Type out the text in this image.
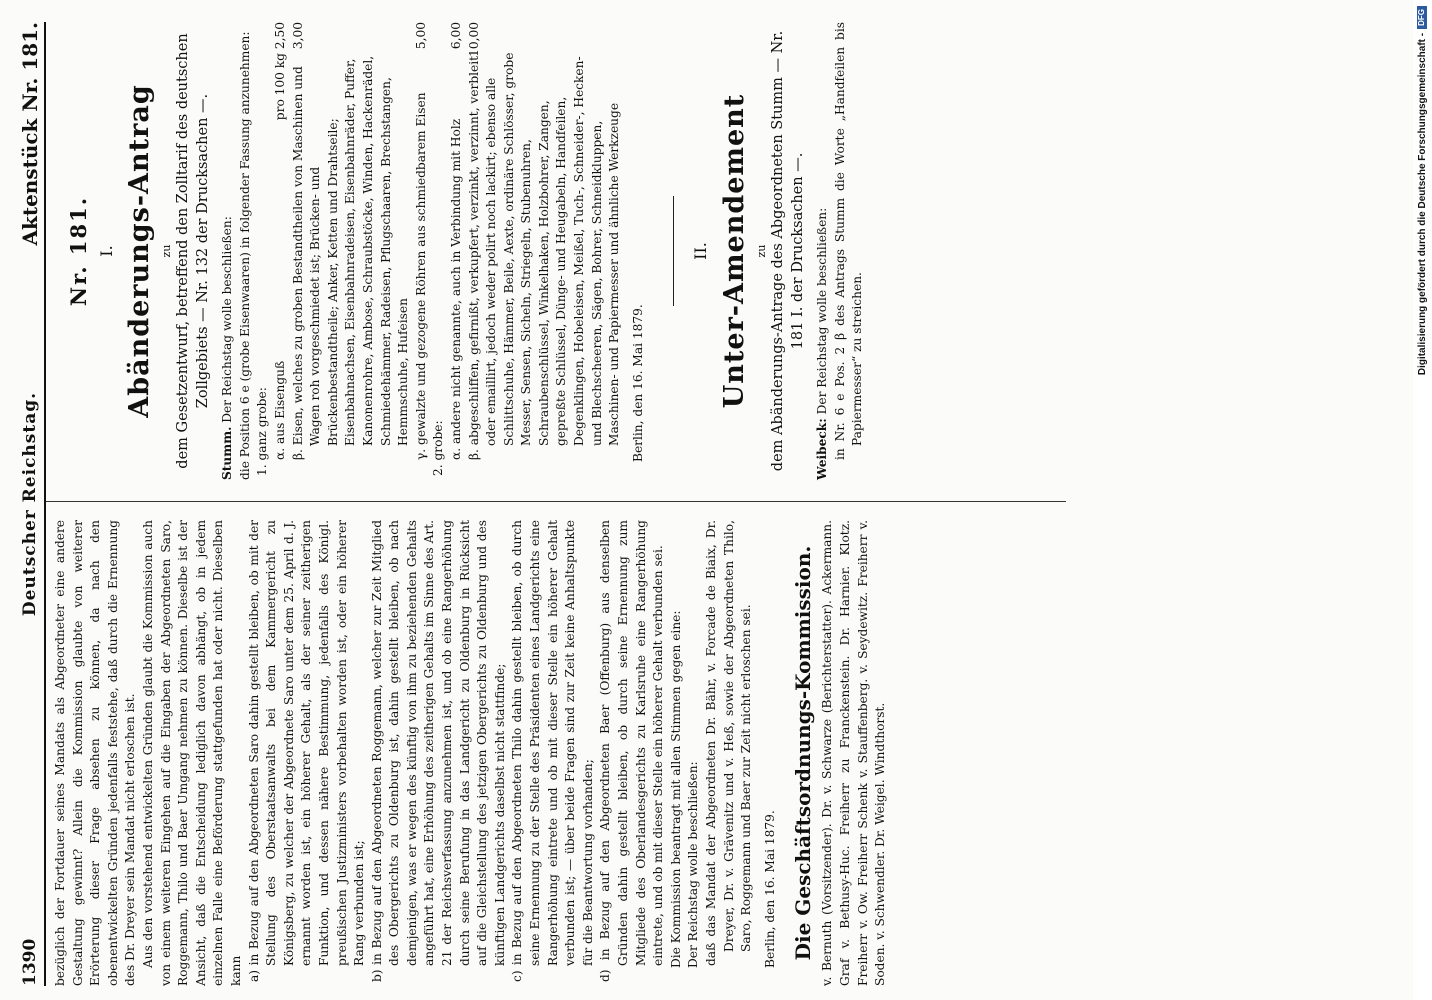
1390
Deutscher Reichstag.
Aktenstück Nr. 181.

bezüglich der Fortdauer seines Mandats als Abgeordneter eine andere Gestaltung gewinnt? Allein die Kommission glaubte von weiterer Erörterung dieser Frage absehen zu können, da nach den obenentwickelten Gründen jedenfalls feststehe, daß durch die Ernennung des Dr. Dreyer sein Mandat nicht erloschen ist. Aus den vorstehend entwickelten Gründen glaubt die Kommission auch von einem weiteren Eingehen auf die Eingaben der Abgeordneten Saro, Roggemann, Thilo und Baer Umgang nehmen zu können. Dieselbe ist der Ansicht, daß die Entscheidung lediglich davon abhängt, ob in jedem einzelnen Falle eine Beförderung stattgefunden hat oder nicht. Dieselben kann a) in Bezug auf den Abgeordneten Saro dahin gestellt bleiben, ob mit der Stellung des Oberstaatsanwalts bei dem Kammergericht zu Königsberg, zu welcher der Abgeordnete Saro unter dem 25. April d. J. ernannt worden ist, ein höherer Gehalt, als der seiner zeitherigen Funktion, und dessen nähere Bestimmung, jedenfalls des Königl. preußischen Justizministers vorbehalten worden ist, oder ein höherer Rang verbunden ist;

b) in Bezug auf den Abgeordneten Roggemann, welcher zur Zeit Mitglied des Obergerichts zu Oldenburg ist, dahin gestellt bleiben, ob nach demjenigen, was er wegen des künftig von ihm zu beziehenden Gehalts angeführt hat, eine Erhöhung des zeitherigen Gehalts im Sinne des Art. 21 der Reichsverfassung anzunehmen ist, und ob eine Rangerhöhung durch seine Berufung in das Landgericht zu Oldenburg in Rücksicht auf die Gleichstellung des jetzigen Obergerichts zu Oldenburg und des künftigen Landgerichts daselbst nicht stattfinde;

c) in Bezug auf den Abgeordneten Thilo dahin gestellt bleiben, ob durch seine Ernennung zu der Stelle des Präsidenten eines Landgerichts eine Rangerhöhung eintrete und ob mit dieser Stelle ein höherer Gehalt verbunden ist; — über beide Fragen sind zur Zeit keine Anhaltspunkte für die Beantwortung vorhanden;

d) in Bezug auf den Abgeordneten Baer (Offenburg) aus denselben Gründen dahin gestellt bleiben, ob durch seine Ernennung zum Mitgliede des Oberlandesgerichts zu Karlsruhe eine Rangerhöhung eintrete, und ob mit dieser Stelle ein höherer Gehalt verbunden sei. Die Kommission beantragt mit allen Stimmen gegen eine: Der Reichstag wolle beschließen: daß das Mandat der Abgeordneten Dr. Bähr, v. Forcade de Biaix, Dr. Dreyer, Dr. v. Grävenitz und v. Heß, sowie der Abgeordneten Thilo, Saro, Roggemann und Baer zur Zeit nicht erloschen sei. Berlin, den 16. Mai 1879. Die Geschäftsordnungs-Kommission. v. Bernuth (Vorsitzender). Dr. v. Schwarze (Berichterstatter). Ackermann. Graf v. Bethusy-Huc. Freiherr zu Franckenstein. Dr. Harnier. Klotz. Freiherr v. Ow. Freiherr Schenk v. Stauffenberg. v. Seydewitz. Freiherr v. Soden. v. Schwendler. Dr. Weigel. Windthorst.

Nr. 181. I. Abänderungs-Antrag zu dem Gesetzentwurf, betreffend den Zolltarif des deutschen Zollgebiets — Nr. 132 der Drucksachen —.

Stumm. Der Reichstag wolle beschließen: die Position 6 e (grobe Eisenwaaren) in folgender Fassung anzunehmen: 1. ganz grobe: α. aus Eisenguß
pro 100 kg 2,50 β. Eisen, welches zu groben Bestandtheilen von Maschinen und Wagen roh vorgeschmiedet ist; Brücken- und Brückenbestandtheile; Anker, Ketten und Drahtseile; Eisenbahnachsen, Eisenbahnradeisen, Eisenbahnräder, Puffer, Kanonenrohre, Ambose, Schraubstöcke, Winden, Hackenrädel, Schmiedehämmer, Radeisen, Pflugschaaren, Brechstangen, Hemmschuhe, Hufeisen
3,00
γ. gewalzte und gezogene Röhren aus schmiedbarem Eisen
5,00

2. grobe: α. andere nicht genannte, auch in Verbindung mit Holz
6,00
β. abgeschliffen, gefirnißt, verkupfert, verzinkt, verzinnt, verbleit oder emaillirt, jedoch weder polirt noch lackirt; ebenso alle Schlittschuhe, Hämmer, Beile, Aexte, ordinäre Schlösser, grobe Messer, Sensen, Sicheln, Striegeln, Stubenuhren, Schraubenschlüssel, Winkelhaken, Holzbohrer, Zangen, gepreßte Schlüssel, Dünge- und Heugabeln, Handfeilen, Degenklingen, Hobeleisen, Meißel, Tuch-, Schneider-, Hecken- und Blechscheeren, Sägen, Bohrer, Schneidkluppen, Maschinen- und Papiermesser und ähnliche Werkzeuge
10,00

Berlin, den 16. Mai 1879.

II. Unter-Amendement zu dem Abänderungs-Antrage des Abgeordneten Stumm — Nr. 181 I. der Drucksachen —.

Weibeck: Der Reichstag wolle beschließen: in Nr. 6 e Pos. 2 β des Antrags Stumm die Worte „Handfeilen bis Papiermesser“ zu streichen.	Digitalisierung gefördert durch die Deutsche Forschungsgemeinschaft -DFG
